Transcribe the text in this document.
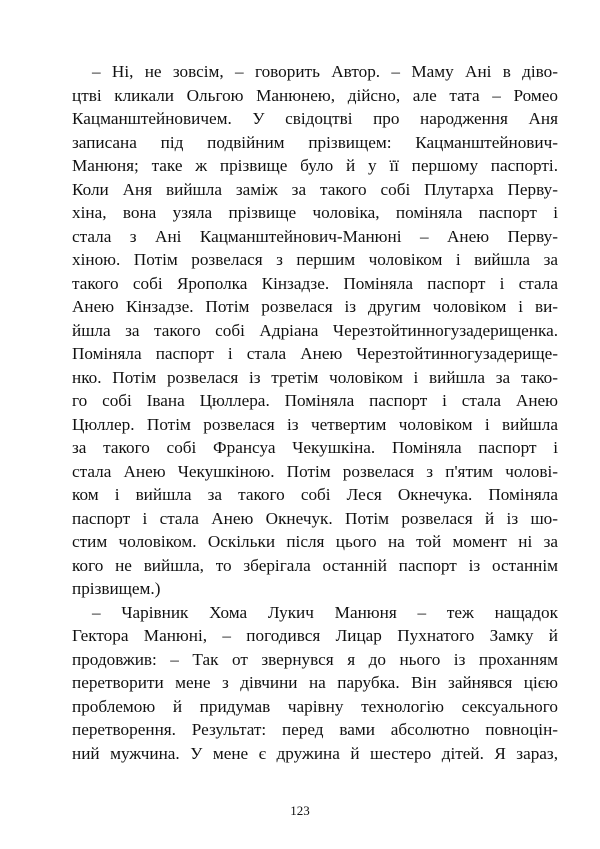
– Ні, не зовсім, – говорить Автор. – Маму Ані в діво-
цтві кликали Ольгою Манюнею, дійсно, але тата – Ромео
Кацманштейновичем. У свідоцтві про народження Аня
записана під подвійним прізвищем: Кацманштейнович-
Манюня; таке ж прізвище було й у її першому паспорті.
Коли Аня вийшла заміж за такого собі Плутарха Перву-
хіна, вона узяла прізвище чоловіка, поміняла паспорт і
стала з Ані Кацманштейнович-Манюні – Анею Перву-
хіною. Потім розвелася з першим чоловіком і вийшла за
такого собі Ярополка Кінзадзе. Поміняла паспорт і стала
Анею Кінзадзе. Потім розвелася із другим чоловіком і ви-
йшла за такого собі Адріана Черезтойтинногузадерищенка.
Поміняла паспорт і стала Анею Черезтойтинногузадерище-
нко. Потім розвелася із третім чоловіком і вийшла за тако-
го собі Івана Цюллера. Поміняла паспорт і стала Анею
Цюллер. Потім розвелася із четвертим чоловіком і вийшла
за такого собі Франсуа Чекушкіна. Поміняла паспорт і
стала Анею Чекушкіною. Потім розвелася з п'ятим чолові-
ком і вийшла за такого собі Леся Окнечука. Поміняла
паспорт і стала Анею Окнечук. Потім розвелася й із шо-
стим чоловіком. Оскільки після цього на той момент ні за
кого не вийшла, то зберігала останній паспорт із останнім
прізвищем.)
– Чарівник Хома Лукич Манюня – теж нащадок
Гектора Манюні, – погодився Лицар Пухнатого Замку й
продовжив: – Так от звернувся я до нього із проханням
перетворити мене з дівчини на парубка. Він зайнявся цією
проблемою й придумав чарівну технологію сексуального
перетворення. Результат: перед вами абсолютно повноцін-
ний мужчина. У мене є дружина й шестеро дітей. Я зараз,
123
